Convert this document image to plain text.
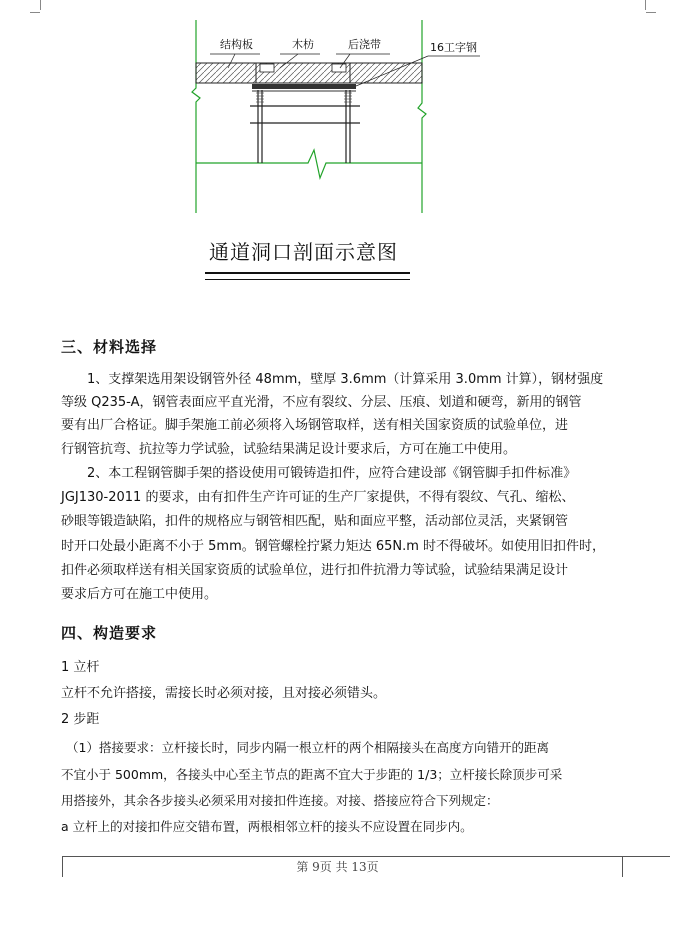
结构板	木枋	后浇带	16工字钢
通道洞口剖面示意图
三、材料选择
1、支撑架选用架设钢管外径 48mm，壁厚 3.6mm（计算采用 3.0mm 计算），钢材强度
等级 Q235-A，钢管表面应平直光滑，不应有裂纹、分层、压痕、划道和硬弯，新用的钢管
要有出厂合格证。脚手架施工前必须将入场钢管取样，送有相关国家资质的试验单位，进
行钢管抗弯、抗拉等力学试验，试验结果满足设计要求后，方可在施工中使用。
2、本工程钢管脚手架的搭设使用可锻铸造扣件，应符合建设部《钢管脚手扣件标准》
JGJ130-2011 的要求，由有扣件生产许可证的生产厂家提供，不得有裂纹、气孔、缩松、
砂眼等锻造缺陷，扣件的规格应与钢管相匹配，贴和面应平整，活动部位灵活，夹紧钢管
时开口处最小距离不小于 5mm。钢管螺栓拧紧力矩达 65N.m 时不得破坏。如使用旧扣件时，
扣件必须取样送有相关国家资质的试验单位，进行扣件抗滑力等试验，试验结果满足设计
要求后方可在施工中使用。
四、构造要求
1 立杆
立杆不允许搭接，需接长时必须对接，且对接必须错头。
2 步距
（1）搭接要求：立杆接长时，同步内隔一根立杆的两个相隔接头在高度方向错开的距离
不宜小于 500mm，各接头中心至主节点的距离不宜大于步距的 1/3；立杆接长除顶步可采
用搭接外，其余各步接头必须采用对接扣件连接。对接、搭接应符合下列规定：
a 立杆上的对接扣件应交错布置，两根相邻立杆的接头不应设置在同步内。
第 9页 共 13页
